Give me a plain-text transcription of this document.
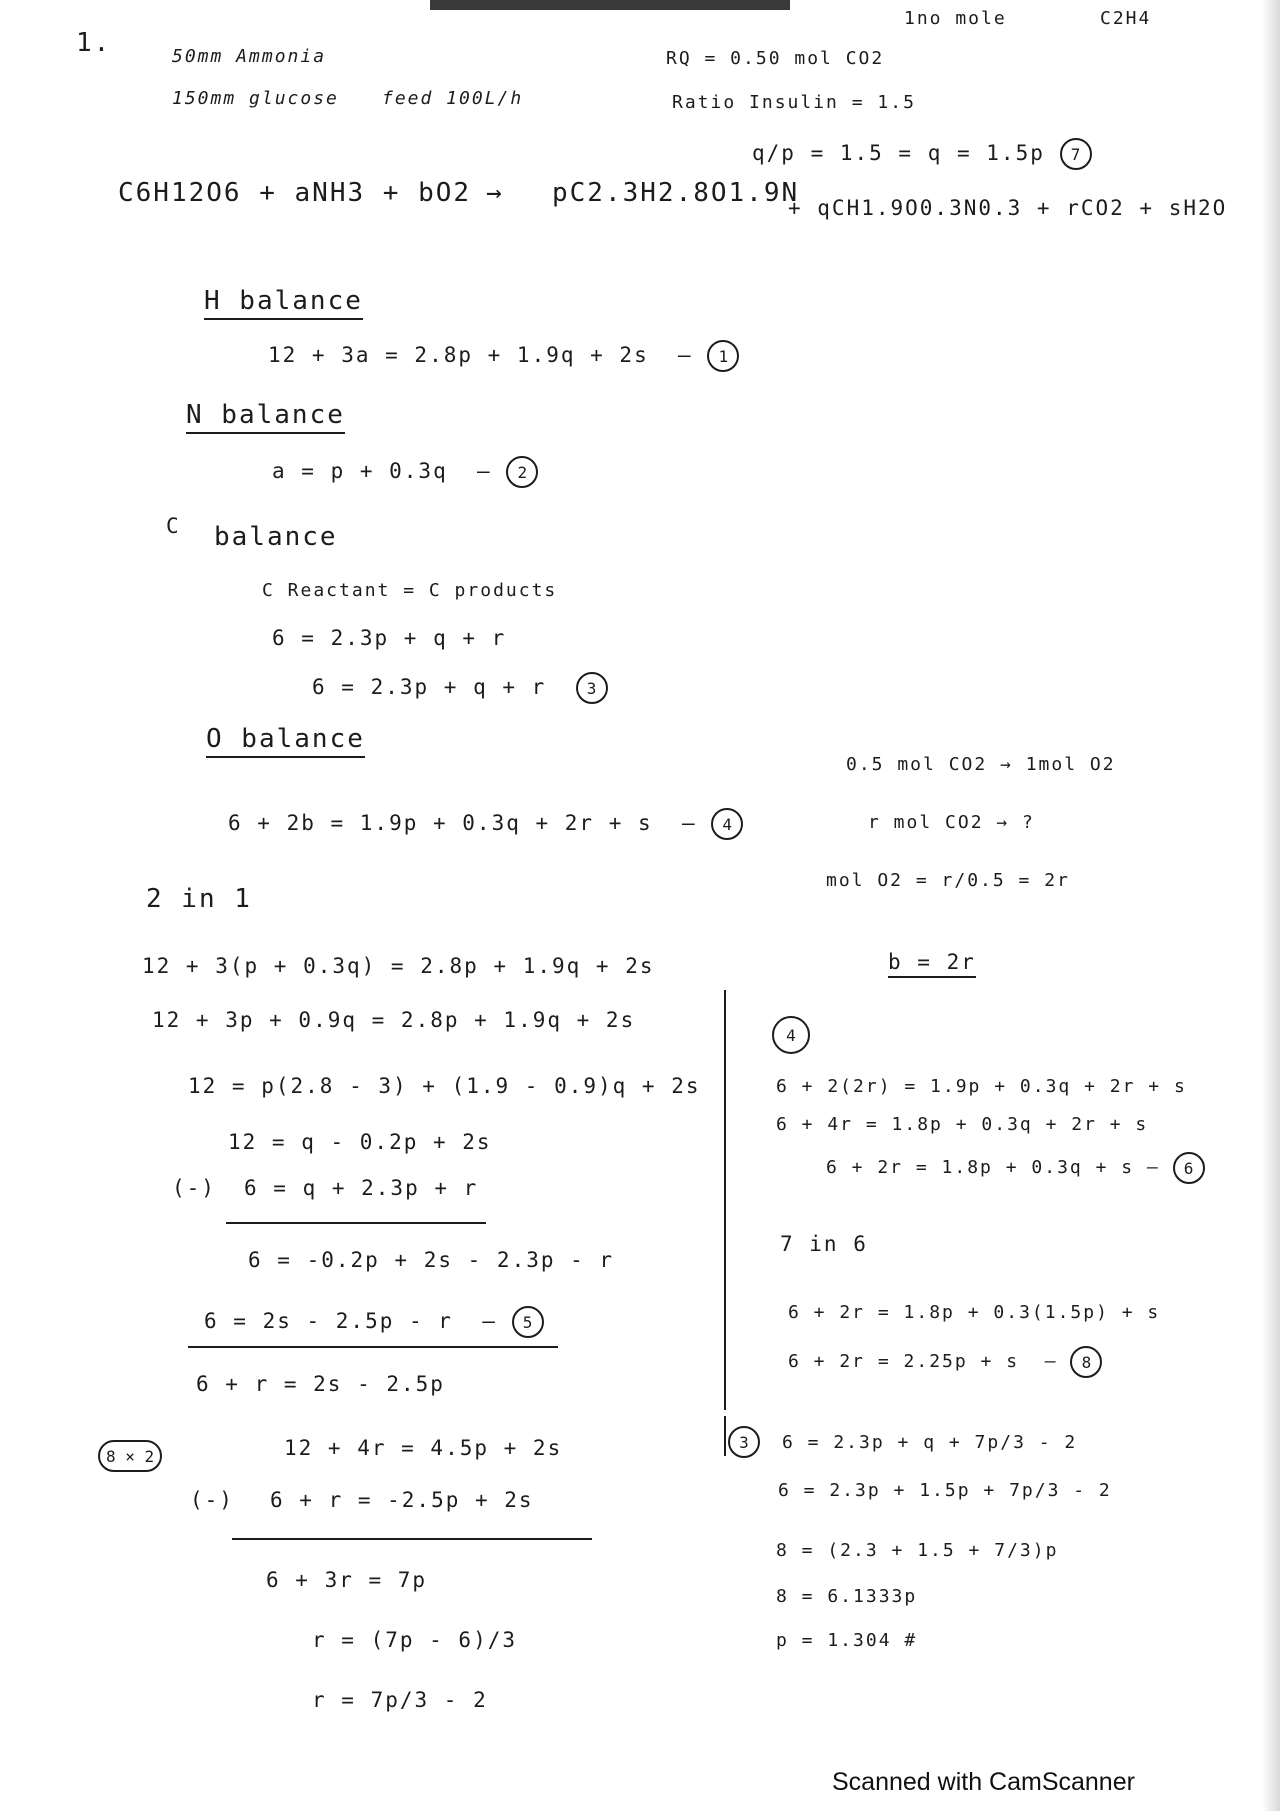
1.	50mm Ammonia
150mm glucose feed 100L/h
1no mole	C2H4
RQ = 0.50 mol CO2
Ratio Insulin = 1.5
q/p = 1.5 = q = 1.5p 7
C6H12O6 + aNH3 + bO2 → pC2.3H2.8O1.9N
+ qCH1.9O0.3N0.3 + rCO2 + sH2O
H balance
12 + 3a = 2.8p + 1.9q + 2s  — 1
N balance
a = p + 0.3q  — 2
C balance
C Reactant = C products
6 = 2.3p + q + r
6 = 2.3p + q + r	3
O balance
6 + 2b = 1.9p + 0.3q + 2r + s  — 4
0.5 mol CO2 → 1mol O2
r mol CO2 → ?
mol O2 = r/0.5 = 2r
b = 2r
2 in 1
12 + 3(p + 0.3q) = 2.8p + 1.9q + 2s
12 + 3p + 0.9q = 2.8p + 1.9q + 2s
12 = p(2.8 - 3) + (1.9 - 0.9)q + 2s
12 = q - 0.2p + 2s
(-) 6 = q + 2.3p + r
6 = -0.2p + 2s - 2.3p - r
6 = 2s - 2.5p - r  — 5
6 + r = 2s - 2.5p
4
6 + 2(2r) = 1.9p + 0.3q + 2r + s
6 + 4r = 1.8p + 0.3q + 2r + s
6 + 2r = 1.8p + 0.3q + s — 6
7 in 6
6 + 2r = 1.8p + 0.3(1.5p) + s
6 + 2r = 2.25p + s  — 8
8 × 2	12 + 4r = 4.5p + 2s
(-) 6 + r = -2.5p + 2s
6 + 3r = 7p
r = (7p - 6)/3
r = 7p/3 - 2
3	6 = 2.3p + q + 7p/3 - 2
6 = 2.3p + 1.5p + 7p/3 - 2
8 = (2.3 + 1.5 + 7/3)p
8 = 6.1333p
p = 1.304 #
Scanned with CamScanner
